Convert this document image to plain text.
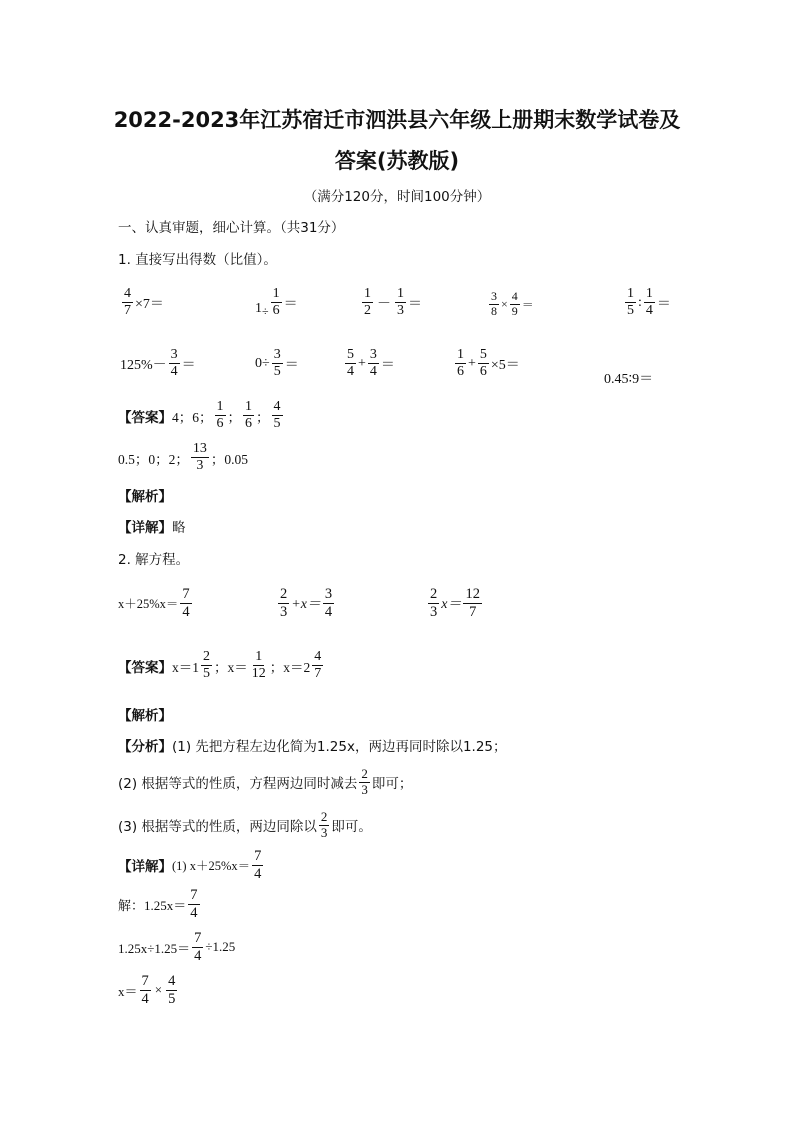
2022-2023年江苏宿迁市泗洪县六年级上册期末数学试卷及
答案(苏教版)
（满分120分，时间100分钟）
一、认真审题，细心计算。（共31分）
1. 直接写出得数（比值）。
$\frac{4}{7} \times 7=$	$1 \div \frac{1}{6}$ ＝	$\frac{1}{2} - \frac{1}{3}$ ＝	$\frac{3}{8} \times \frac{4}{9}$ ＝	$\frac{1}{5}$ : $\frac{1}{4}$ ＝
$125\%- \frac{3}{4}$ ＝	$0\div \frac{3}{5}$ ＝	$\frac{5}{4} + \frac{3}{4}$ ＝	$\frac{1}{6} + \frac{5}{6} \times 5=$
0.45∶9＝
【答案】 4；6； $\frac{1}{6}$ ； $\frac{1}{6}$ ； $\frac{4}{5}$
0.5；0；2； $\frac{13}{3}$ ；0.05
【解析】
【详解】略
2. 解方程。
$x+25\%x= \frac{7}{4}$	$\frac{2}{3} +x= \frac{3}{4}$	$\frac{2}{3} x= \frac{12}{7}$
【答案】 $x=1 \frac{2}{5}$ ；$x= \frac{1}{12}$ ；$x=2 \frac{4}{7}$
【解析】
【分析】(1) 先把方程左边化简为1.25x，两边再同时除以1.25；
(2) 根据等式的性质，方程两边同时减去 $\frac{2}{3}$ 即可；
(3) 根据等式的性质，两边同除以 $\frac{2}{3}$ 即可。
【详解】 (1) $x+25\%x= \frac{7}{4}$
解：$1.25x= \frac{7}{4}$
$1.25x\div 1.25= \frac{7}{4} \div 1.25$
$x= \frac{7}{4} \times \frac{4}{5}$
